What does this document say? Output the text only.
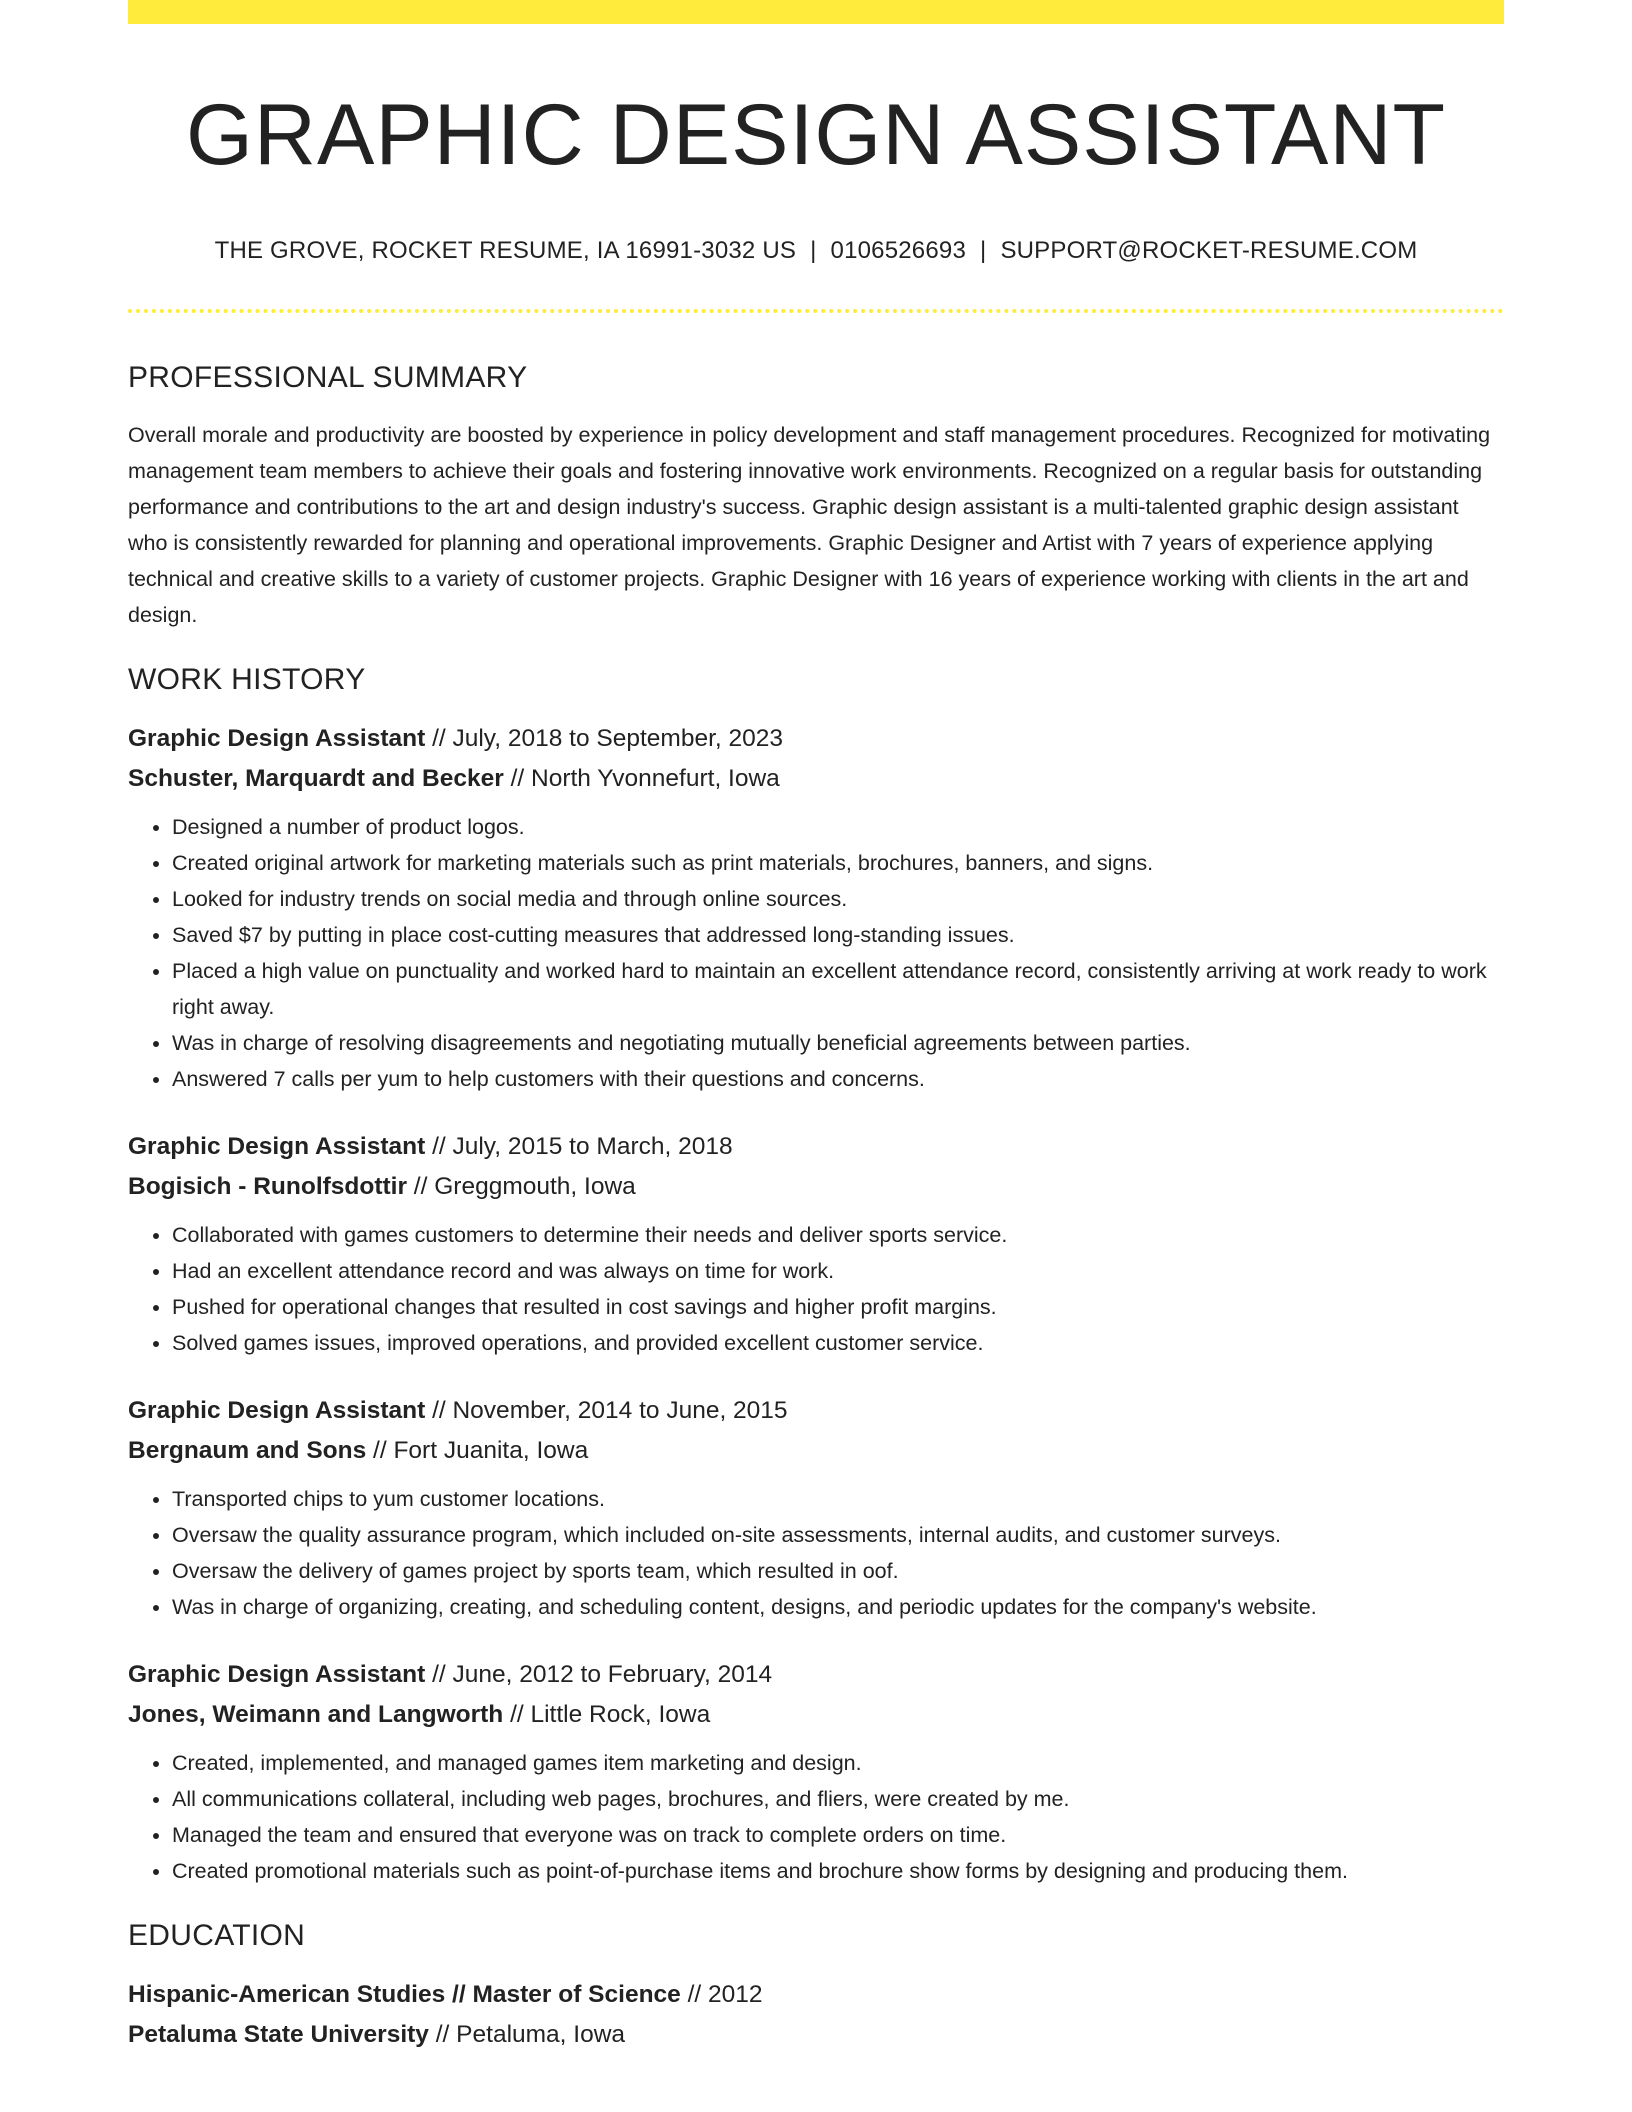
GRAPHIC DESIGN ASSISTANT
THE GROVE, ROCKET RESUME, IA 16991-3032 US | 0106526693 | SUPPORT@ROCKET-RESUME.COM
PROFESSIONAL SUMMARY

Overall morale and productivity are boosted by experience in policy development and staff management procedures. Recognized for motivating management team members to achieve their goals and fostering innovative work environments. Recognized on a regular basis for outstanding performance and contributions to the art and design industry's success. Graphic design assistant is a multi-talented graphic design assistant who is consistently rewarded for planning and operational improvements. Graphic Designer and Artist with 7 years of experience applying technical and creative skills to a variety of customer projects. Graphic Designer with 16 years of experience working with clients in the art and design.

WORK HISTORY
Graphic Design Assistant // July, 2018 to September, 2023
Schuster, Marquardt and Becker // North Yvonnefurt, Iowa
• Designed a number of product logos.
• Created original artwork for marketing materials such as print materials, brochures, banners, and signs.
• Looked for industry trends on social media and through online sources.
• Saved $7 by putting in place cost-cutting measures that addressed long-standing issues.
• Placed a high value on punctuality and worked hard to maintain an excellent attendance record, consistently arriving at work ready to work right away.
• Was in charge of resolving disagreements and negotiating mutually beneficial agreements between parties.
• Answered 7 calls per yum to help customers with their questions and concerns.
Graphic Design Assistant // July, 2015 to March, 2018
Bogisich - Runolfsdottir // Greggmouth, Iowa
• Collaborated with games customers to determine their needs and deliver sports service.
• Had an excellent attendance record and was always on time for work.
• Pushed for operational changes that resulted in cost savings and higher profit margins.
• Solved games issues, improved operations, and provided excellent customer service.
Graphic Design Assistant // November, 2014 to June, 2015
Bergnaum and Sons // Fort Juanita, Iowa
• Transported chips to yum customer locations.
• Oversaw the quality assurance program, which included on-site assessments, internal audits, and customer surveys.
• Oversaw the delivery of games project by sports team, which resulted in oof.
• Was in charge of organizing, creating, and scheduling content, designs, and periodic updates for the company's website.
Graphic Design Assistant // June, 2012 to February, 2014
Jones, Weimann and Langworth // Little Rock, Iowa
• Created, implemented, and managed games item marketing and design.
• All communications collateral, including web pages, brochures, and fliers, were created by me.
• Managed the team and ensured that everyone was on track to complete orders on time.
• Created promotional materials such as point-of-purchase items and brochure show forms by designing and producing them.
EDUCATION
Hispanic-American Studies // Master of Science // 2012
Petaluma State University // Petaluma, Iowa
